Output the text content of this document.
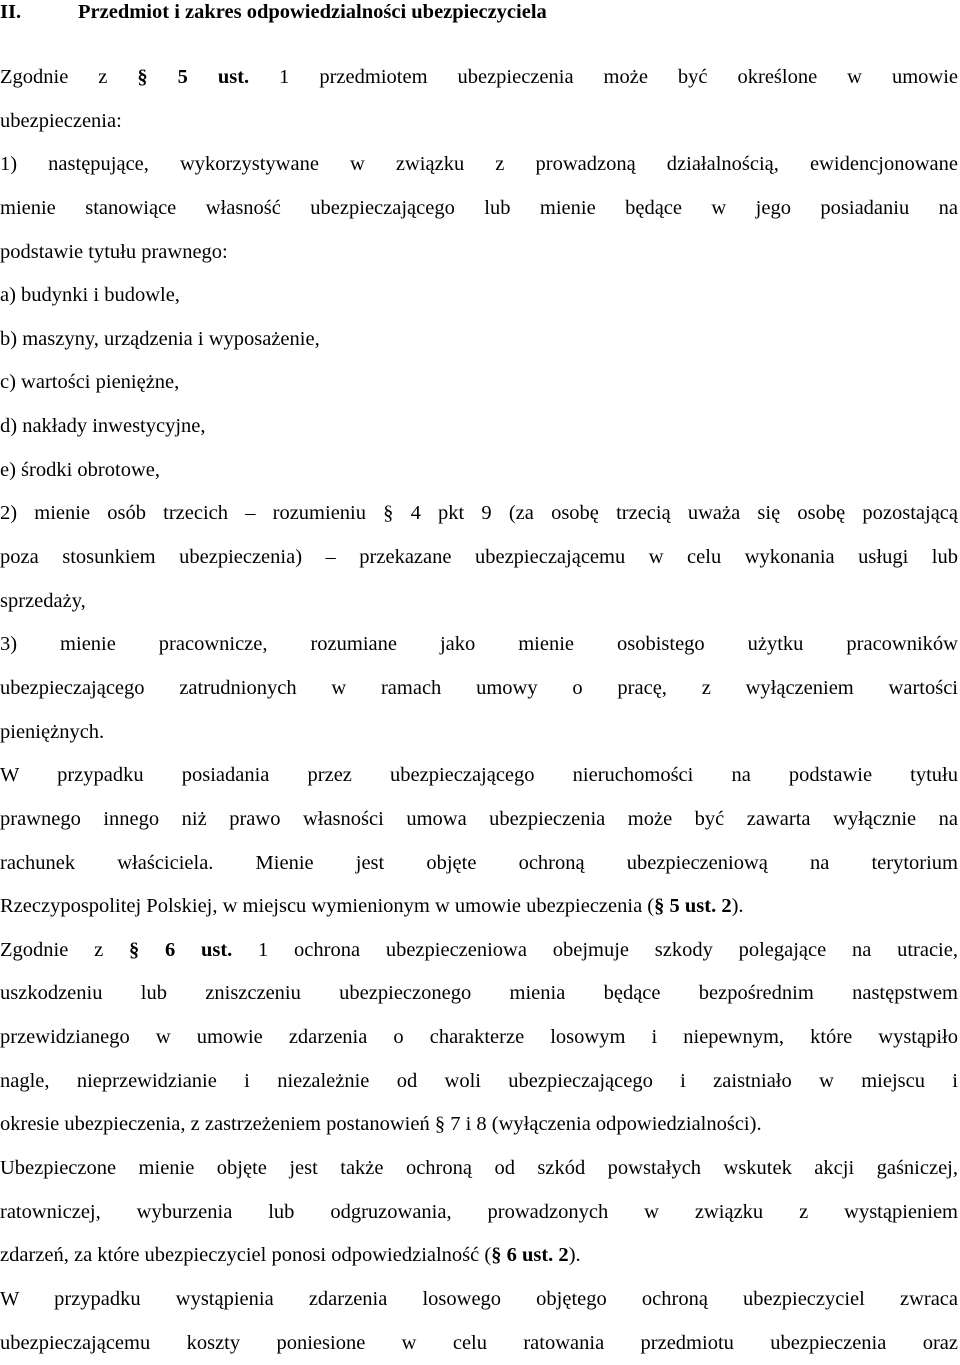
II.	Przedmiot i zakres odpowiedzialności ubezpieczyciela
Zgodnie z § 5 ust. 1 przedmiotem ubezpieczenia może być określone w umowie
ubezpieczenia:
1) następujące, wykorzystywane w związku z prowadzoną działalnością, ewidencjonowane
mienie stanowiące własność ubezpieczającego lub mienie będące w jego posiadaniu na
podstawie tytułu prawnego:
a) budynki i budowle,
b) maszyny, urządzenia i wyposażenie,
c) wartości pieniężne,
d) nakłady inwestycyjne,
e) środki obrotowe,
2) mienie osób trzecich – rozumieniu § 4 pkt 9 (za osobę trzecią uważa się osobę pozostającą
poza stosunkiem ubezpieczenia) – przekazane ubezpieczającemu w celu wykonania usługi lub
sprzedaży,
3) mienie pracownicze, rozumiane jako mienie osobistego użytku pracowników
ubezpieczającego zatrudnionych w ramach umowy o pracę, z wyłączeniem wartości
pieniężnych.
W przypadku posiadania przez ubezpieczającego nieruchomości na podstawie tytułu
prawnego innego niż prawo własności umowa ubezpieczenia może być zawarta wyłącznie na
rachunek właściciela. Mienie jest objęte ochroną ubezpieczeniową na terytorium
Rzeczypospolitej Polskiej, w miejscu wymienionym w umowie ubezpieczenia (§ 5 ust. 2).
Zgodnie z § 6 ust. 1 ochrona ubezpieczeniowa obejmuje szkody polegające na utracie,
uszkodzeniu lub zniszczeniu ubezpieczonego mienia będące bezpośrednim następstwem
przewidzianego w umowie zdarzenia o charakterze losowym i niepewnym, które wystąpiło
nagle, nieprzewidzianie i niezależnie od woli ubezpieczającego i zaistniało w miejscu i
okresie ubezpieczenia, z zastrzeżeniem postanowień § 7 i 8 (wyłączenia odpowiedzialności).
Ubezpieczone mienie objęte jest także ochroną od szkód powstałych wskutek akcji gaśniczej,
ratowniczej, wyburzenia lub odgruzowania, prowadzonych w związku z wystąpieniem
zdarzeń, za które ubezpieczyciel ponosi odpowiedzialność (§ 6 ust. 2).
W przypadku wystąpienia zdarzenia losowego objętego ochroną ubezpieczyciel zwraca
ubezpieczającemu koszty poniesione w celu ratowania przedmiotu ubezpieczenia oraz
